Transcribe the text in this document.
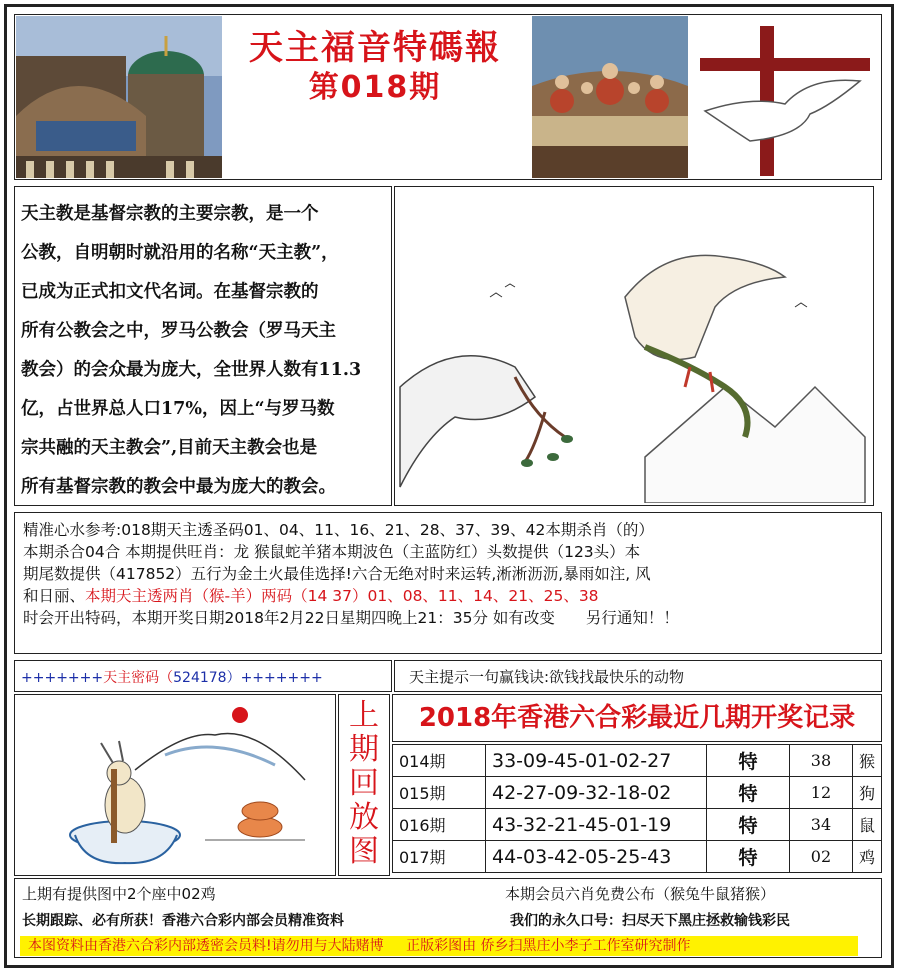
天主福音特碼報
第018期

天主教是基督宗教的主要宗教，是一个

公教，自明朝时就沿用的名称“天主教”，

已成为正式扣文代名词。在基督宗教的

所有公教会之中，罗马公教会（罗马天主

教会）的会众最为庞大，全世界人数有11.3

亿，占世界总人口17%，因上“与罗马数

宗共融的天主教会”,目前天主教会也是

所有基督宗教的教会中最为庞大的教会。

精准心水参考:018期天主透圣码01、04、11、16、21、28、37、39、42本期杀肖（的）
本期杀合04合 本期提供旺肖：龙 猴鼠蛇羊猪本期波色（主蓝防红）头数提供（123头）本
期尾数提供（417852）五行为金土火最佳选择!六合无绝对时来运转,淅淅沥沥,暴雨如注, 风
和日丽、本期天主透两肖（猴-羊）两码（14 37）01、08、11、14、21、25、38
时会开出特码，本期开奖日期2018年2月22日星期四晚上21：35分 如有改变　　另行通知！！
+++++++天主密码（524178）+++++++	天主提示一句赢钱诀:欲钱找最快乐的动物
上
期
回
放
图
2018年香港六合彩最近几期开奖记录
014期	33-09-45-01-02-27	特	38	猴
015期	42-27-09-32-18-02	特	12	狗
016期	43-32-21-45-01-19	特	34	鼠
017期	44-03-42-05-25-43	特	02	鸡
上期有提供图中2个座中02鸡	本期会员六肖免费公布（猴兔牛鼠猪猴）
长期跟踪、必有所获！香港六合彩内部会员精准资料	我们的永久口号：扫尽天下黑庄拯救输钱彩民
本图资料由香港六合彩内部透密会员料!请勿用与大陆赌博 正版彩图由 侨乡扫黑庄小李子工作室研究制作
